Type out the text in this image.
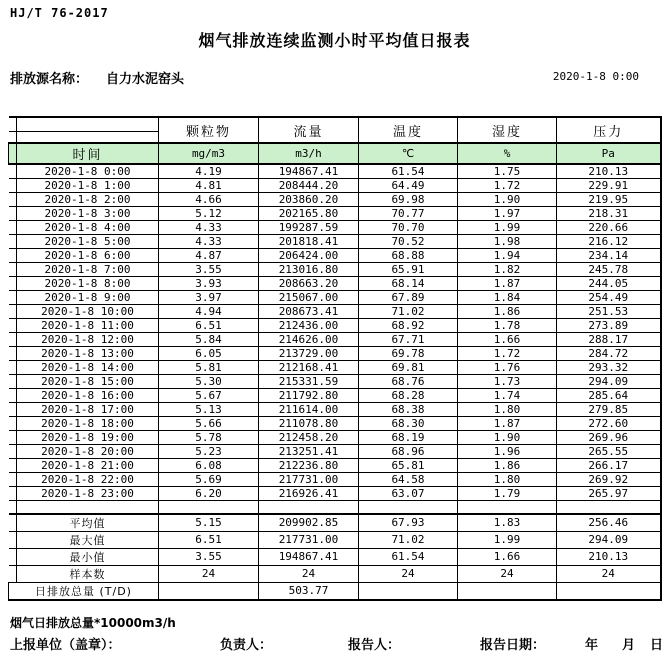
HJ/T 76-2017
烟气排放连续监测小时平均值日报表
排放源名称： 自力水泥窑头	2020-1-8 0:00
		颗粒物	流量	温度	湿度	压力

	时间	mg/m3	m3/h	℃	%	Pa
	2020-1-8 0:00	4.19	194867.41	61.54	1.75	210.13
	2020-1-8 1:00	4.81	208444.20	64.49	1.72	229.91
	2020-1-8 2:00	4.66	203860.20	69.98	1.90	219.95
	2020-1-8 3:00	5.12	202165.80	70.77	1.97	218.31
	2020-1-8 4:00	4.33	199287.59	70.70	1.99	220.66
	2020-1-8 5:00	4.33	201818.41	70.52	1.98	216.12
	2020-1-8 6:00	4.87	206424.00	68.88	1.94	234.14
	2020-1-8 7:00	3.55	213016.80	65.91	1.82	245.78
	2020-1-8 8:00	3.93	208663.20	68.14	1.87	244.05
	2020-1-8 9:00	3.97	215067.00	67.89	1.84	254.49
	2020-1-8 10:00	4.94	208673.41	71.02	1.86	251.53
	2020-1-8 11:00	6.51	212436.00	68.92	1.78	273.89
	2020-1-8 12:00	5.84	214626.00	67.71	1.66	288.17
	2020-1-8 13:00	6.05	213729.00	69.78	1.72	284.72
	2020-1-8 14:00	5.81	212168.41	69.81	1.76	293.32
	2020-1-8 15:00	5.30	215331.59	68.76	1.73	294.09
	2020-1-8 16:00	5.67	211792.80	68.28	1.74	285.64
	2020-1-8 17:00	5.13	211614.00	68.38	1.80	279.85
	2020-1-8 18:00	5.66	211078.80	68.30	1.87	272.60
	2020-1-8 19:00	5.78	212458.20	68.19	1.90	269.96
	2020-1-8 20:00	5.23	213251.41	68.96	1.96	265.55
	2020-1-8 21:00	6.08	212236.80	65.81	1.86	266.17
	2020-1-8 22:00	5.69	217731.00	64.58	1.80	269.92
	2020-1-8 23:00	6.20	216926.41	63.07	1.79	265.97

	平均值	5.15	209902.85	67.93	1.83	256.46
	最大值	6.51	217731.00	71.02	1.99	294.09
	最小值	3.55	194867.41	61.54	1.66	210.13
	样本数	24	24	24	24	24
日排放总量 (T/D)			503.77			
烟气日排放总量*10000m3/h
上报单位（盖章）：	负责人：	报告人：	报告日期：	年 月 日
